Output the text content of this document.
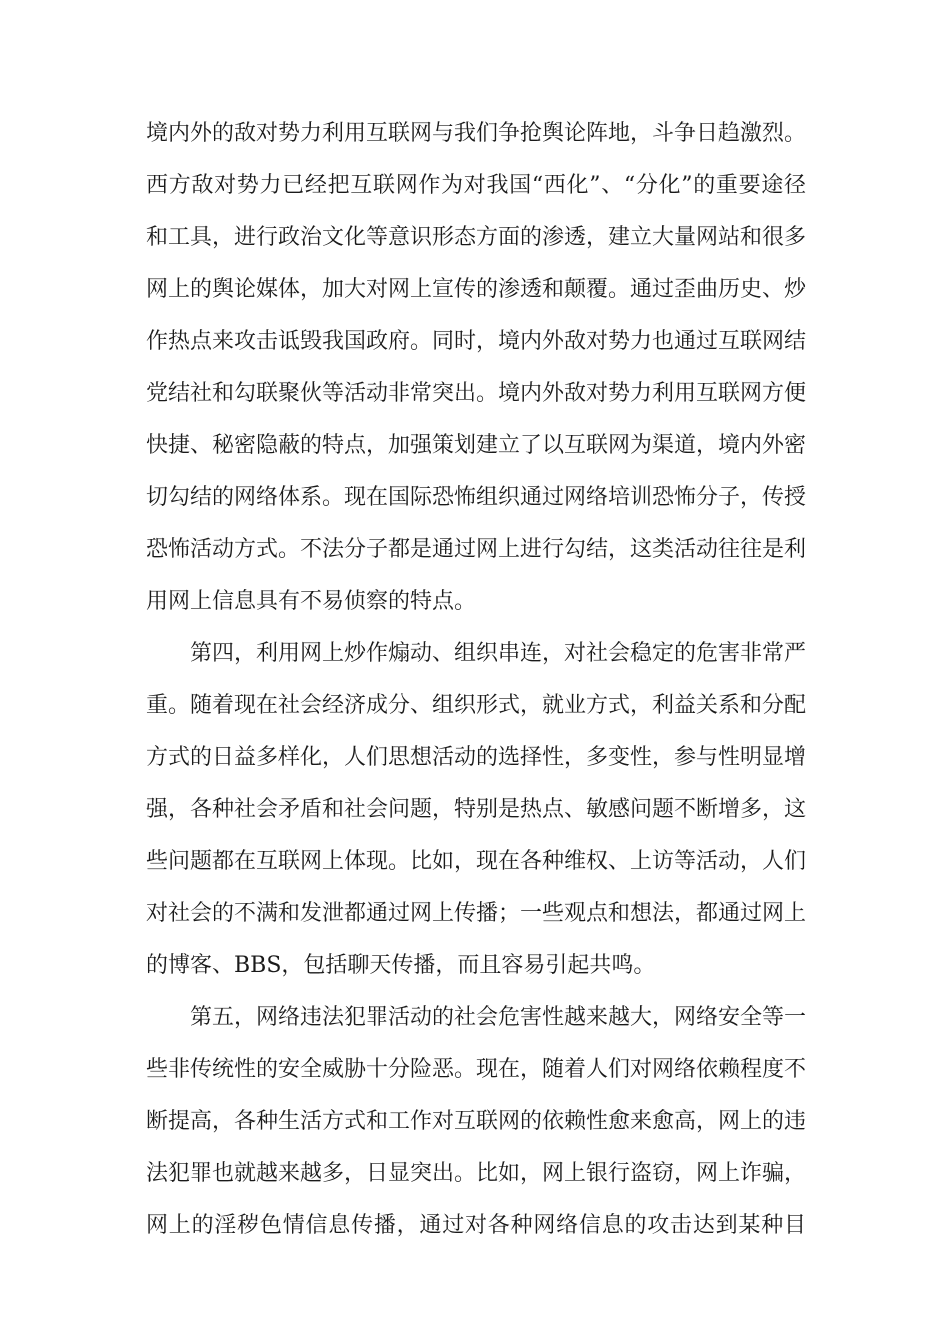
境内外的敌对势力利用互联网与我们争抢舆论阵地，斗争日趋激烈。
西方敌对势力已经把互联网作为对我国“西化”、“分化”的重要途径
和工具，进行政治文化等意识形态方面的渗透，建立大量网站和很多
网上的舆论媒体，加大对网上宣传的渗透和颠覆。通过歪曲历史、炒
作热点来攻击诋毁我国政府。同时，境内外敌对势力也通过互联网结
党结社和勾联聚伙等活动非常突出。境内外敌对势力利用互联网方便
快捷、秘密隐蔽的特点，加强策划建立了以互联网为渠道，境内外密
切勾结的网络体系。现在国际恐怖组织通过网络培训恐怖分子，传授
恐怖活动方式。不法分子都是通过网上进行勾结，这类活动往往是利
用网上信息具有不易侦察的特点。
第四，利用网上炒作煽动、组织串连，对社会稳定的危害非常严
重。随着现在社会经济成分、组织形式，就业方式，利益关系和分配
方式的日益多样化，人们思想活动的选择性，多变性，参与性明显增
强，各种社会矛盾和社会问题，特别是热点、敏感问题不断增多，这
些问题都在互联网上体现。比如，现在各种维权、上访等活动，人们
对社会的不满和发泄都通过网上传播；一些观点和想法，都通过网上
的博客、BBS，包括聊天传播，而且容易引起共鸣。
第五，网络违法犯罪活动的社会危害性越来越大，网络安全等一
些非传统性的安全威胁十分险恶。现在，随着人们对网络依赖程度不
断提高，各种生活方式和工作对互联网的依赖性愈来愈高，网上的违
法犯罪也就越来越多，日显突出。比如，网上银行盗窃，网上诈骗，
网上的淫秽色情信息传播，通过对各种网络信息的攻击达到某种目
